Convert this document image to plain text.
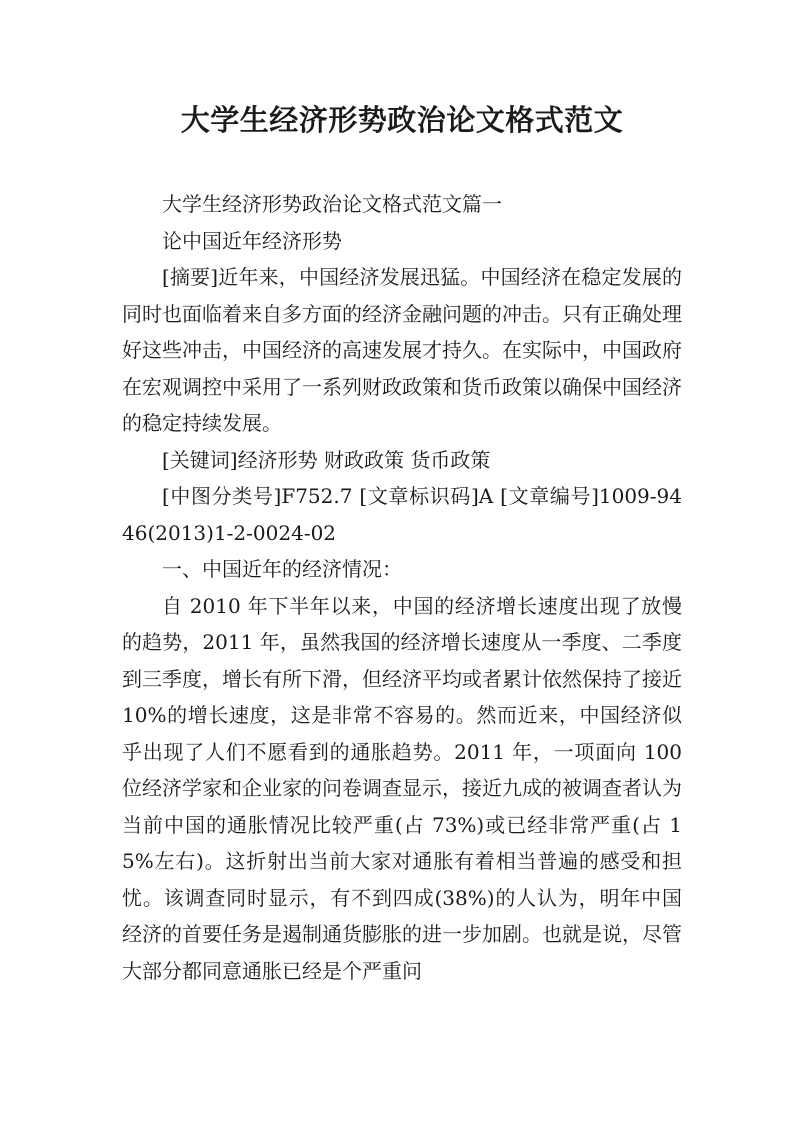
大学生经济形势政治论文格式范文

大学生经济形势政治论文格式范文篇一

论中国近年经济形势

[摘要]近年来，中国经济发展迅猛。中国经济在稳定发展的同时也面临着来自多方面的经济金融问题的冲击。只有正确处理好这些冲击，中国经济的高速发展才持久。在实际中，中国政府在宏观调控中采用了一系列财政政策和货币政策以确保中国经济的稳定持续发展。

[关键词]经济形势 财政政策 货币政策

[中图分类号]F752.7 [文章标识码]A [文章编号]1009-9446(2013)1-2-0024-02

一、中国近年的经济情况：

自 2010 年下半年以来，中国的经济增长速度出现了放慢的趋势，2011 年，虽然我国的经济增长速度从一季度、二季度到三季度，增长有所下滑，但经济平均或者累计依然保持了接近 10%的增长速度，这是非常不容易的。然而近来，中国经济似乎出现了人们不愿看到的通胀趋势。2011 年，一项面向 100 位经济学家和企业家的问卷调查显示，接近九成的被调查者认为当前中国的通胀情况比较严重(占 73%)或已经非常严重(占 15%左右)。这折射出当前大家对通胀有着相当普遍的感受和担忧。该调查同时显示，有不到四成(38%)的人认为，明年中国经济的首要任务是遏制通货膨胀的进一步加剧。也就是说，尽管大部分都同意通胀已经是个严重问
